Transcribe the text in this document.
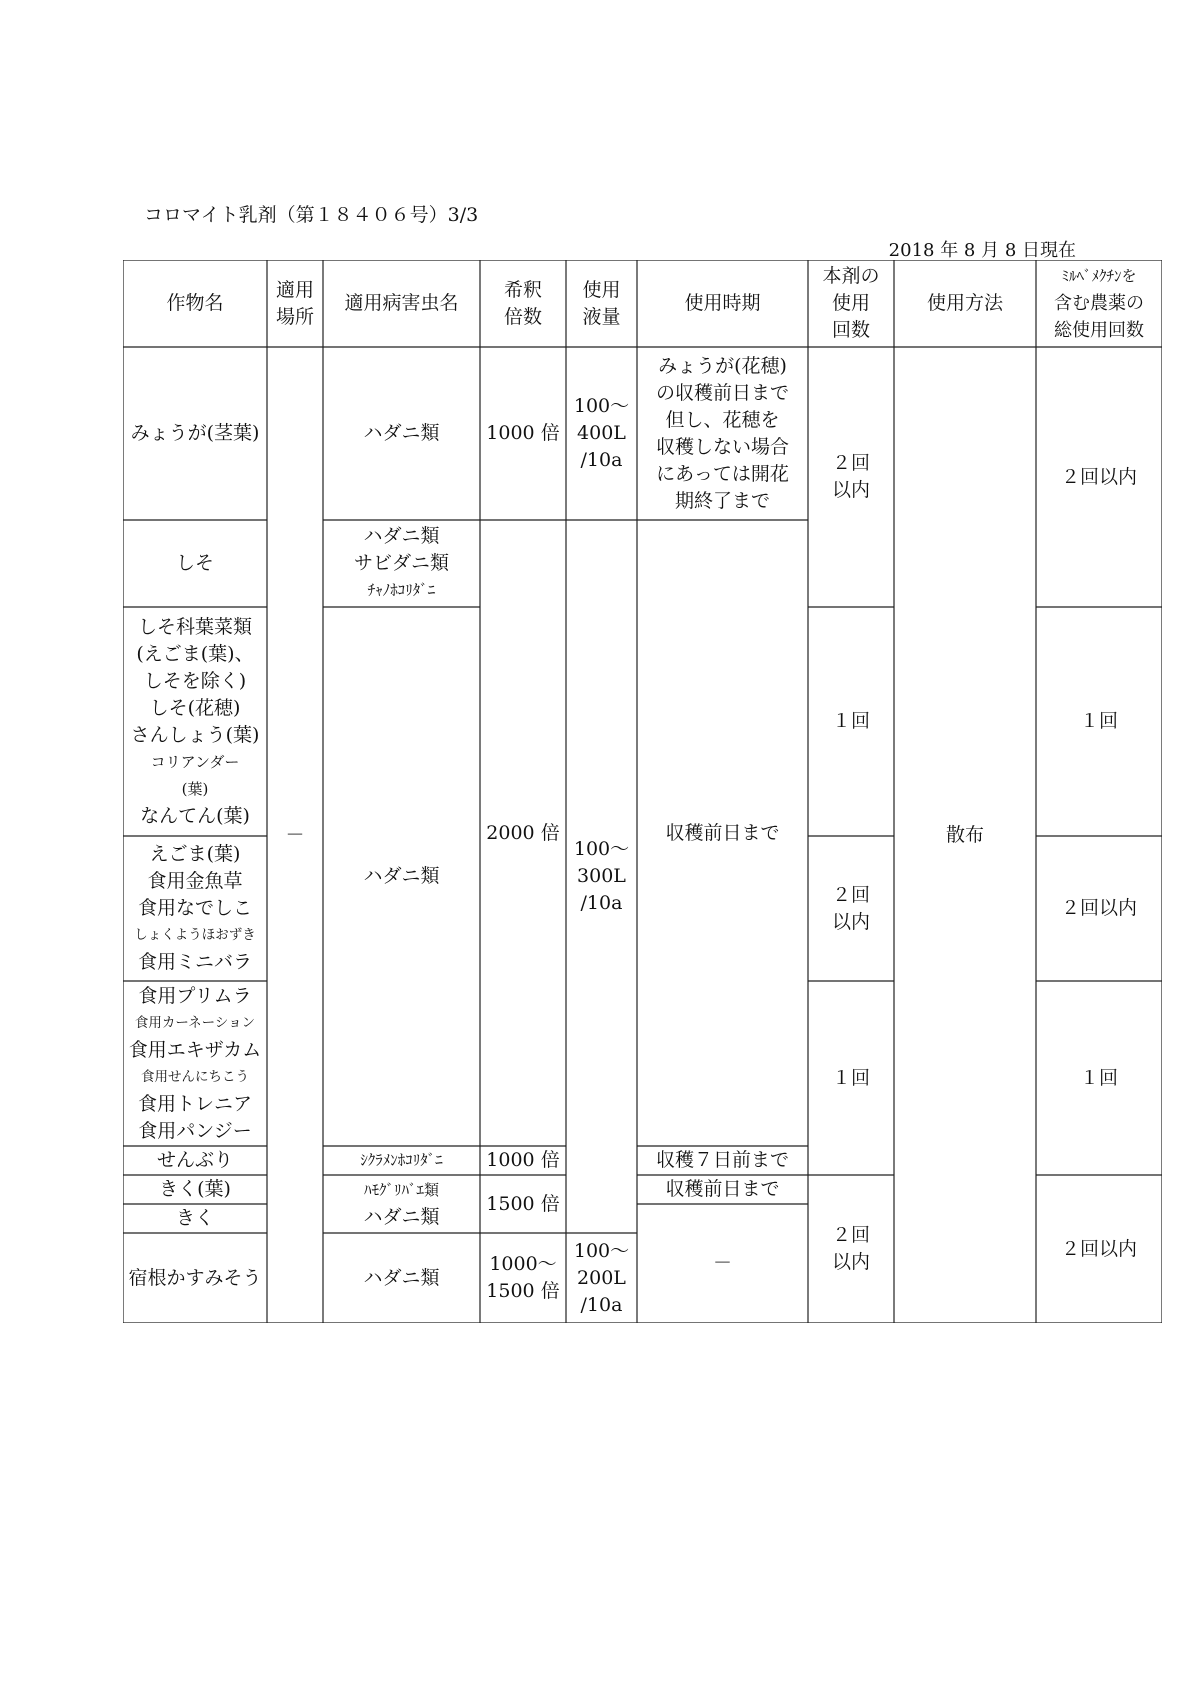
コロマイト乳剤（第１８４０６号）3/3
2018 年 8 月 8 日現在
作物名
適用
場所
適用病害虫名
希釈
倍数
使用
液量
使用時期
本剤の
使用
回数
使用方法
ﾐﾙﾍﾞﾒｸﾁﾝを
含む農薬の
総使用回数
みょうが(茎葉)
しそ
しそ科葉菜類
(えごま(葉)、
しそを除く)
しそ(花穂)
さんしょう(葉)
コリアンダー
(葉)
なんてん(葉)
えごま(葉)
食用金魚草
食用なでしこ
しょくようほおずき
食用ミニバラ
食用プリムラ
食用カーネーション
食用エキザカム
食用せんにちこう
食用トレニア
食用パンジー
せんぶり
きく(葉)
きく
宿根かすみそう
－
ハダニ類
ハダニ類
サビダニ類
ﾁｬﾉﾎｺﾘﾀﾞﾆ
ハダニ類
ｼｸﾗﾒﾝﾎｺﾘﾀﾞﾆ
ﾊﾓｸﾞﾘﾊﾞｴ類
ハダニ類
ハダニ類
1000 倍
2000 倍
1000 倍
1500 倍
1000～
1500 倍
100～
400L
/10a
100～
300L
/10a
100～
200L
/10a
みょうが(花穂)
の収穫前日まで
但し、花穂を
収穫しない場合
にあっては開花
期終了まで
収穫前日まで
収穫７日前まで
収穫前日まで
－
２回
以内
１回
２回
以内
１回
２回
以内
散布
２回以内
１回
２回以内
１回
２回以内
